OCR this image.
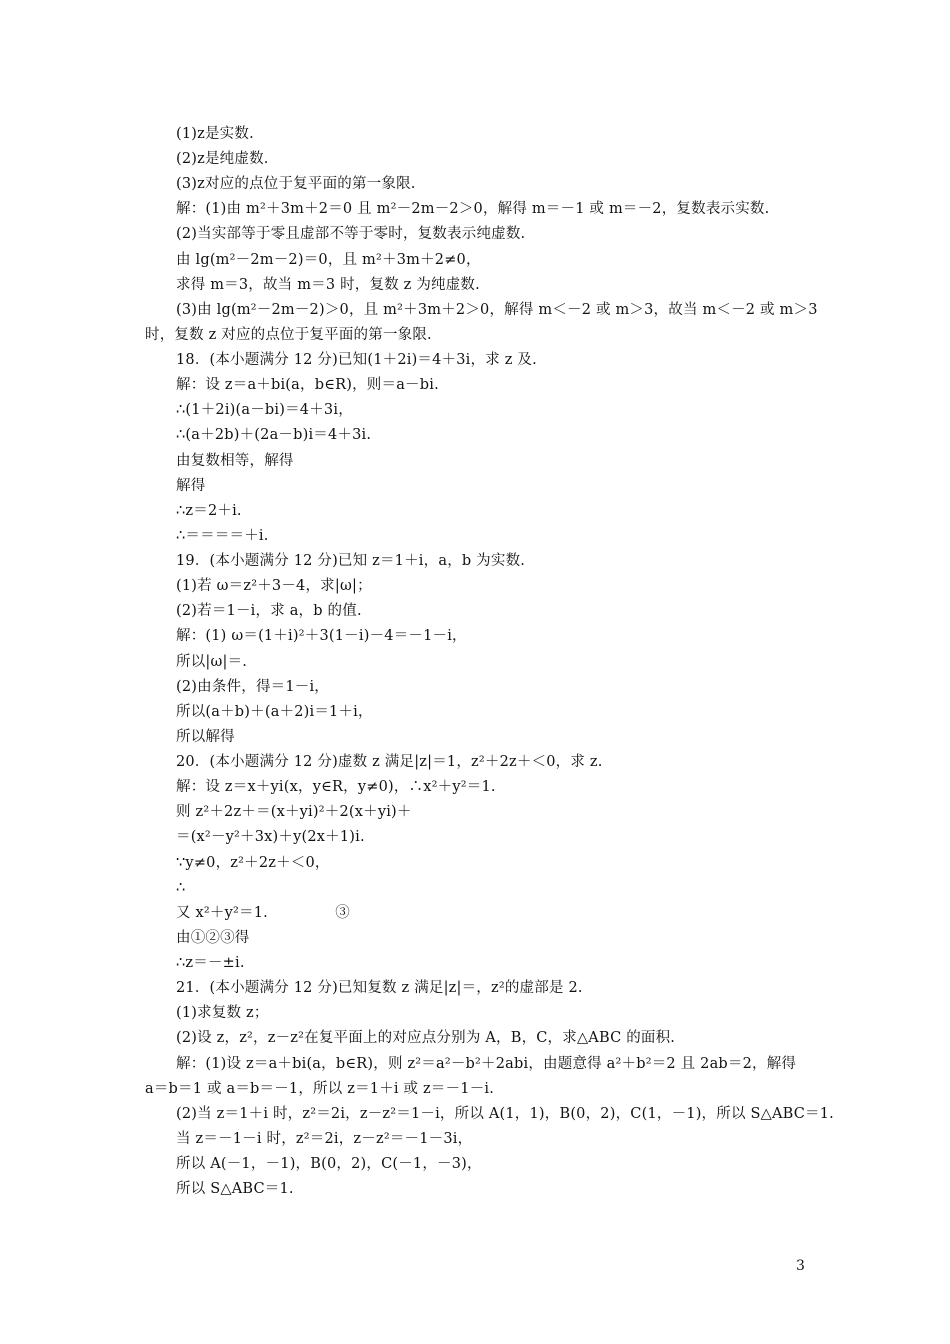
(1)z是实数.
(2)z是纯虚数.
(3)z对应的点位于复平面的第一象限.
解：(1)由 m²＋3m＋2＝0 且 m²－2m－2＞0，解得 m＝－1 或 m＝－2，复数表示实数.
(2)当实部等于零且虚部不等于零时，复数表示纯虚数.
由 lg(m²－2m－2)＝0，且 m²＋3m＋2≠0，
求得 m＝3，故当 m＝3 时，复数 z 为纯虚数.
(3)由 lg(m²－2m－2)＞0，且 m²＋3m＋2＞0，解得 m＜－2 或 m＞3，故当 m＜－2 或 m＞3
时，复数 z 对应的点位于复平面的第一象限.
18．(本小题满分 12 分)已知(1＋2i)＝4＋3i，求 z 及.
解：设 z＝a＋bi(a，b∈R)，则＝a－bi.
∴(1＋2i)(a－bi)＝4＋3i，
∴(a＋2b)＋(2a－b)i＝4＋3i.
由复数相等，解得
解得
∴z＝2＋i.
∴＝＝＝＝＋i.
19．(本小题满分 12 分)已知 z＝1＋i，a，b 为实数.
(1)若 ω＝z²＋3－4，求|ω|；
(2)若＝1－i，求 a，b 的值.
解：(1) ω＝(1＋i)²＋3(1－i)－4＝－1－i，
所以|ω|＝.
(2)由条件，得＝1－i，
所以(a＋b)＋(a＋2)i＝1＋i，
所以解得
20．(本小题满分 12 分)虚数 z 满足|z|＝1，z²＋2z＋＜0，求 z.
解：设 z＝x＋yi(x，y∈R，y≠0)，∴x²＋y²＝1.
则 z²＋2z＋＝(x＋yi)²＋2(x＋yi)＋
＝(x²－y²＋3x)＋y(2x＋1)i.
∵y≠0，z²＋2z＋＜0，
∴
又 x²＋y²＝1.              ③
由①②③得
∴z＝－±i.
21．(本小题满分 12 分)已知复数 z 满足|z|＝，z²的虚部是 2.
(1)求复数 z；
(2)设 z，z²，z－z²在复平面上的对应点分别为 A，B，C，求△ABC 的面积.
解：(1)设 z＝a＋bi(a，b∈R)，则 z²＝a²－b²＋2abi，由题意得 a²＋b²＝2 且 2ab＝2，解得
a＝b＝1 或 a＝b＝－1，所以 z＝1＋i 或 z＝－1－i.
(2)当 z＝1＋i 时，z²＝2i，z－z²＝1－i，所以 A(1，1)，B(0，2)，C(1，－1)，所以 S△ABC＝1.
当 z＝－1－i 时，z²＝2i，z－z²＝－1－3i，
所以 A(－1，－1)，B(0，2)，C(－1，－3)，
所以 S△ABC＝1.
3
